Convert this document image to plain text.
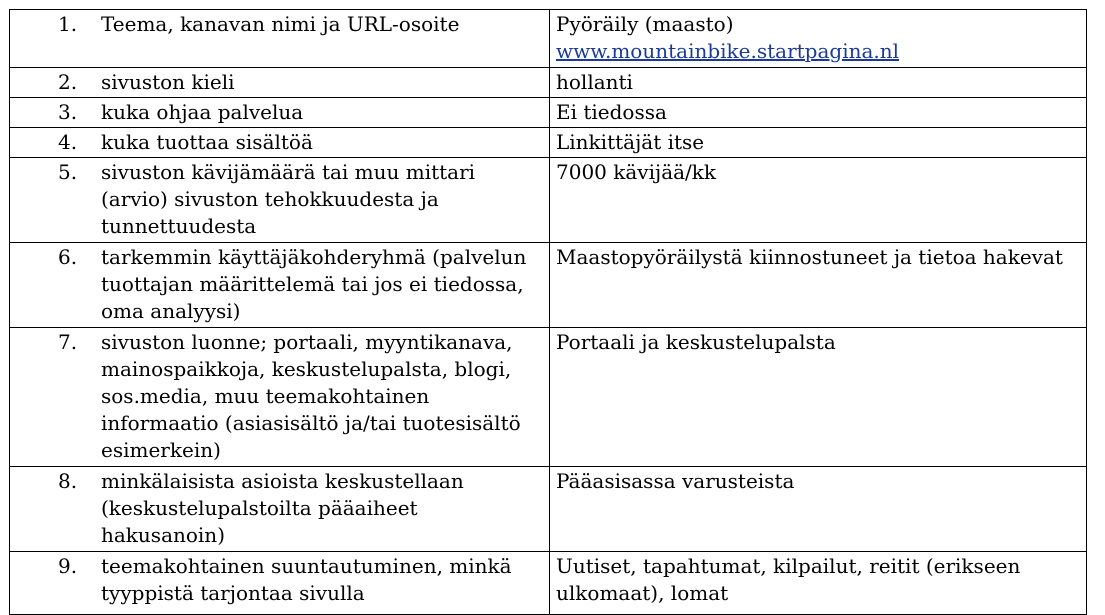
1 . Teema, kanavan nimi ja URL-osoite	Pyöräily (maasto)
www.mountainbike.startpagina.nl

2 . sivuston kieli	hollanti

3 . kuka ohjaa palvelua	Ei tiedossa

4 . kuka tuottaa sisältöä	Linkittäjät itse

5 . sivuston kävijämäärä tai muu mittari (arvio) sivuston tehokkuudesta ja tunnettuudesta	7000 kävijää/kk

6 . tarkemmin käyttäjäkohderyhmä (palvelun tuottajan määrittelemä tai jos ei tiedossa, oma analyysi)	Maastopyöräilystä kiinnostuneet ja tietoa hakevat

7 . sivuston luonne; portaali, myyntikanava, mainospaikkoja, keskustelupalsta, blogi, sos.media, muu teemakohtainen informaatio (asiasisältö ja/tai tuotesisältö esimerkein)	Portaali ja keskustelupalsta

8 . minkälaisista asioista keskustellaan (keskustelupalstoilta pääaiheet hakusanoin)	Pääasisassa varusteista

9 . teemakohtainen suuntautuminen, minkä tyyppistä tarjontaa sivulla	Uutiset, tapahtumat, kilpailut, reitit (erikseen ulkomaat), lomat
